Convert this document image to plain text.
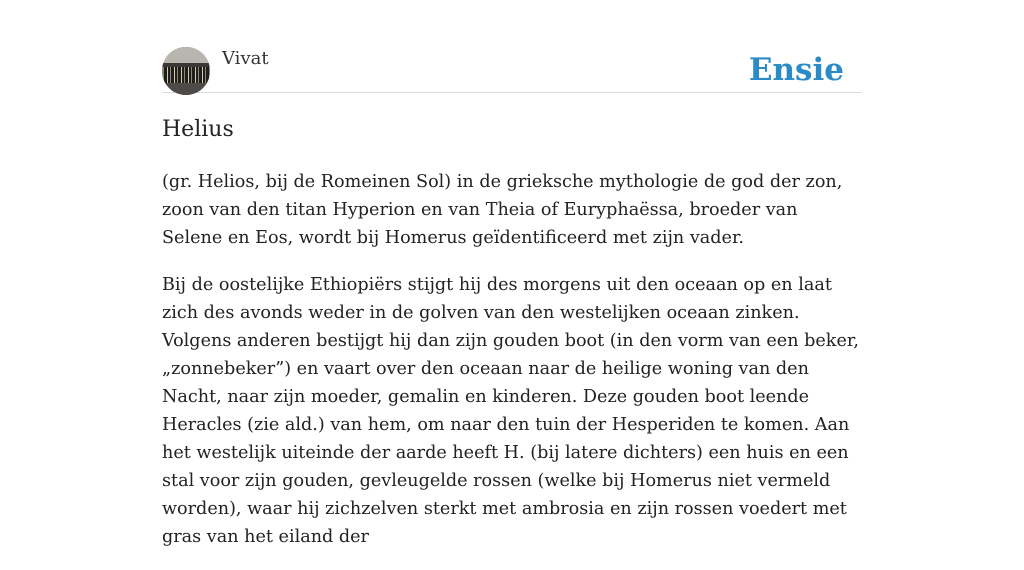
Vivat	Ensie
Helius

(gr. Helios, bij de Romeinen Sol) in de grieksche mythologie de god der zon, zoon van den titan Hyperion en van Theia of Euryphaëssa, broeder van Selene en Eos, wordt bij Homerus geïdentificeerd met zijn vader.

Bij de oostelijke Ethiopiërs stijgt hij des morgens uit den oceaan op en laat zich des avonds weder in de golven van den westelijken oceaan zinken. Volgens anderen bestijgt hij dan zijn gouden boot (in den vorm van een beker, „zonnebeker”) en vaart over den oceaan naar de heilige woning van den Nacht, naar zijn moeder, gemalin en kinderen. Deze gouden boot leende Heracles (zie ald.) van hem, om naar den tuin der Hesperiden te komen. Aan het westelijk uiteinde der aarde heeft H. (bij latere dichters) een huis en een stal voor zijn gouden, gevleugelde rossen (welke bij Homerus niet vermeld worden), waar hij zichzelven sterkt met ambrosia en zijn rossen voedert met gras van het eiland der
